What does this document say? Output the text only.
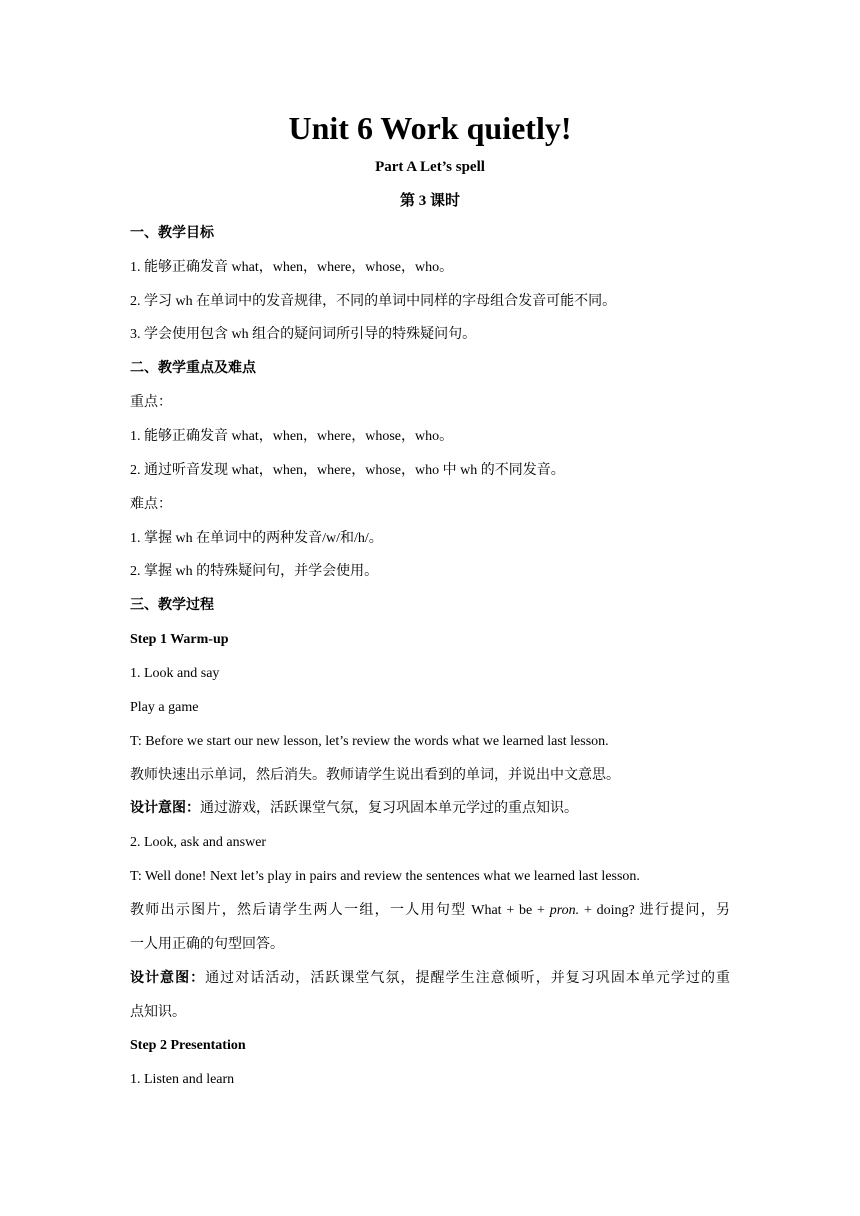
Unit 6 Work quietly!

Part A Let’s spell

第 3 课时

一、教学目标

1. 能够正确发音 what，when，where，whose，who。

2. 学习 wh 在单词中的发音规律，不同的单词中同样的字母组合发音可能不同。

3. 学会使用包含 wh 组合的疑问词所引导的特殊疑问句。

二、教学重点及难点

重点：

1. 能够正确发音 what，when，where，whose，who。

2. 通过听音发现 what，when，where，whose，who 中 wh 的不同发音。

难点：

1. 掌握 wh 在单词中的两种发音/w/和/h/。

2. 掌握 wh 的特殊疑问句，并学会使用。

三、教学过程

Step 1 Warm-up

1. Look and say

Play a game

T: Before we start our new lesson, let’s review the words what we learned last lesson.

教师快速出示单词，然后消失。教师请学生说出看到的单词，并说出中文意思。

设计意图：通过游戏，活跃课堂气氛，复习巩固本单元学过的重点知识。

2. Look, ask and answer

T: Well done! Next let’s play in pairs and review the sentences what we learned last lesson.

教师出示图片，然后请学生两人一组，一人用句型 What + be + pron. + doing? 进行提问，另

一人用正确的句型回答。

设计意图：通过对话活动，活跃课堂气氛，提醒学生注意倾听，并复习巩固本单元学过的重

点知识。

Step 2 Presentation

1. Listen and learn
